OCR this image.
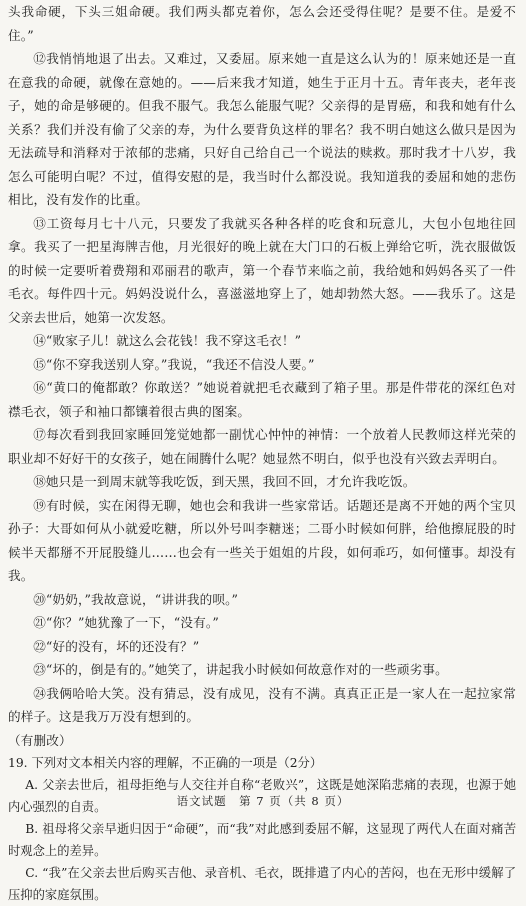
头我命硬，下头三姐命硬。我们两头都克着你，怎么会还受得住呢？是要不住。是爱不住。”

⑫我悄悄地退了出去。又难过，又委屈。原来她一直是这么认为的！原来她还是一直在意我的命硬，就像在意她的。——后来我才知道，她生于正月十五。青年丧夫，老年丧子，她的命是够硬的。但我不服气。我怎么能服气呢？父亲得的是胃癌，和我和她有什么关系？我们并没有偷了父亲的寿，为什么要背负这样的罪名？我不明白她这么做只是因为无法疏导和消释对于浓郁的悲痛，只好自己给自己一个说法的赎救。那时我才十八岁，我怎么可能明白呢？不过，值得安慰的是，我当时什么都没说。我知道我的委屈和她的悲伤相比，没有发作的比重。

⑬工资每月七十八元，只要发了我就买各种各样的吃食和玩意儿，大包小包地往回拿。我买了一把星海牌吉他，月光很好的晚上就在大门口的石板上弹给它听，洗衣服做饭的时候一定要听着费翔和邓丽君的歌声，第一个春节来临之前，我给她和妈妈各买了一件毛衣。每件四十元。妈妈没说什么，喜滋滋地穿上了，她却勃然大怒。——我乐了。这是父亲去世后，她第一次发怒。

⑭“败家子儿！就这么会花钱！我不穿这毛衣！”

⑮“你不穿我送别人穿。”我说，“我还不信没人要。”

⑯“黄口的俺都敢？你敢送？”她说着就把毛衣藏到了箱子里。那是件带花的深红色对襟毛衣，领子和袖口都镶着很古典的图案。

⑰每次看到我回家睡回笼觉她都一副忧心忡忡的神情：一个放着人民教师这样光荣的职业却不好好干的女孩子，她在闹腾什么呢？她显然不明白，似乎也没有兴致去弄明白。

⑱她只是一到周末就等我吃饭，到天黑，我回不回，才允许我吃饭。

⑲有时候，实在闲得无聊，她也会和我讲一些家常话。话题还是离不开她的两个宝贝孙子：大哥如何从小就爱吃糖，所以外号叫李糖迷；二哥小时候如何胖，给他擦屁股的时候半天都掰不开屁股缝儿……也会有一些关于姐姐的片段，如何乖巧，如何懂事。却没有我。

⑳“奶奶，”我故意说，“讲讲我的呗。”

㉑“你？”她犹豫了一下，“没有。”

㉒“好的没有，坏的还没有？”

㉓“坏的，倒是有的。”她笑了，讲起我小时候如何故意作对的一些顽劣事。

㉔我俩哈哈大笑。没有猜忌，没有成见，没有不满。真真正正是一家人在一起拉家常的样子。这是我万万没有想到的。

（有删改）

19. 下列对文本相关内容的理解，不正确的一项是（2分）

A. 父亲去世后，祖母拒绝与人交往并自称“老败兴”，这既是她深陷悲痛的表现，也源于她内心强烈的自责。

B. 祖母将父亲早逝归因于“命硬”，而“我”对此感到委屈不解，这显现了两代人在面对痛苦时观念上的差异。

C. “我”在父亲去世后购买吉他、录音机、毛衣，既排遣了内心的苦闷，也在无形中缓解了压抑的家庭氛围。

语文试题　第 7 页（共 8 页）
